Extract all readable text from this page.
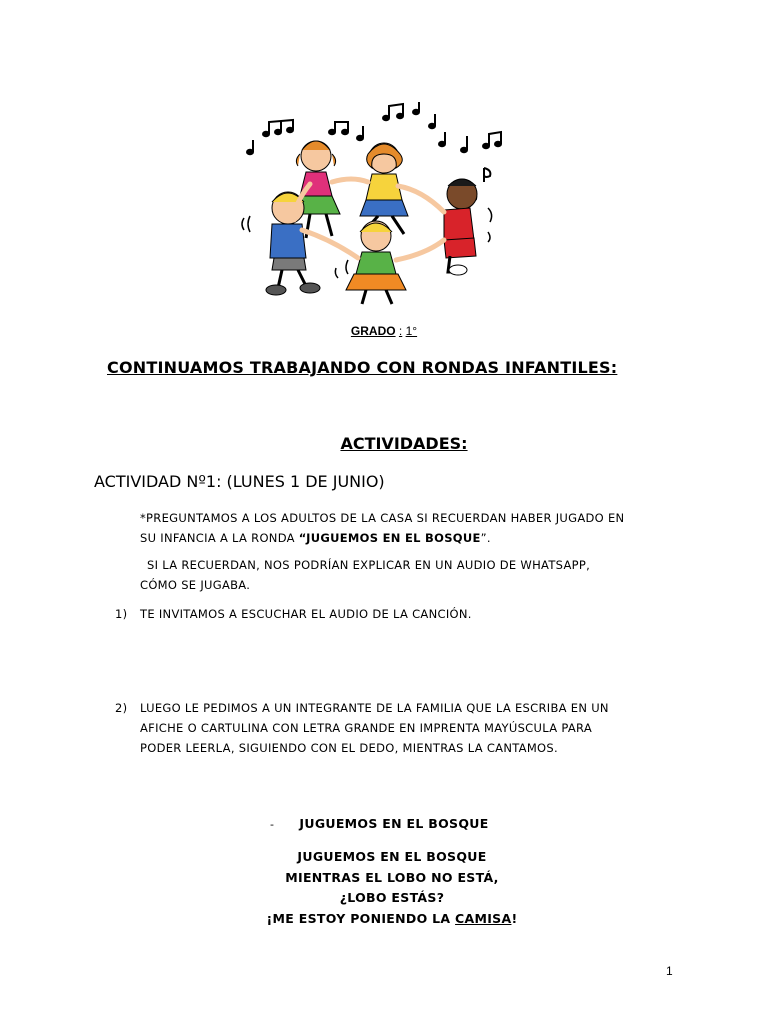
GRADO : 1°
CONTINUAMOS TRABAJANDO CON RONDAS INFANTILES:
ACTIVIDADES:
ACTIVIDAD Nº1: (LUNES 1 DE JUNIO)
*PREGUNTAMOS A LOS ADULTOS DE LA CASA SI RECUERDAN HABER JUGADO EN
SU INFANCIA A LA RONDA “JUGUEMOS EN EL BOSQUE”.
SI LA RECUERDAN, NOS PODRÍAN EXPLICAR EN UN AUDIO DE WHATSAPP,
CÓMO SE JUGABA.
1) TE INVITAMOS A ESCUCHAR EL AUDIO DE LA CANCIÓN.
2) LUEGO LE PEDIMOS A UN INTEGRANTE DE LA FAMILIA QUE LA ESCRIBA EN UN
AFICHE O CARTULINA CON LETRA GRANDE EN IMPRENTA MAYÚSCULA PARA
PODER LEERLA, SIGUIENDO CON EL DEDO, MIENTRAS LA CANTAMOS.
-	JUGUEMOS EN EL BOSQUE
JUGUEMOS EN EL BOSQUE
MIENTRAS EL LOBO NO ESTÁ,
¿LOBO ESTÁS?
¡ME ESTOY PONIENDO LA CAMISA!
1
